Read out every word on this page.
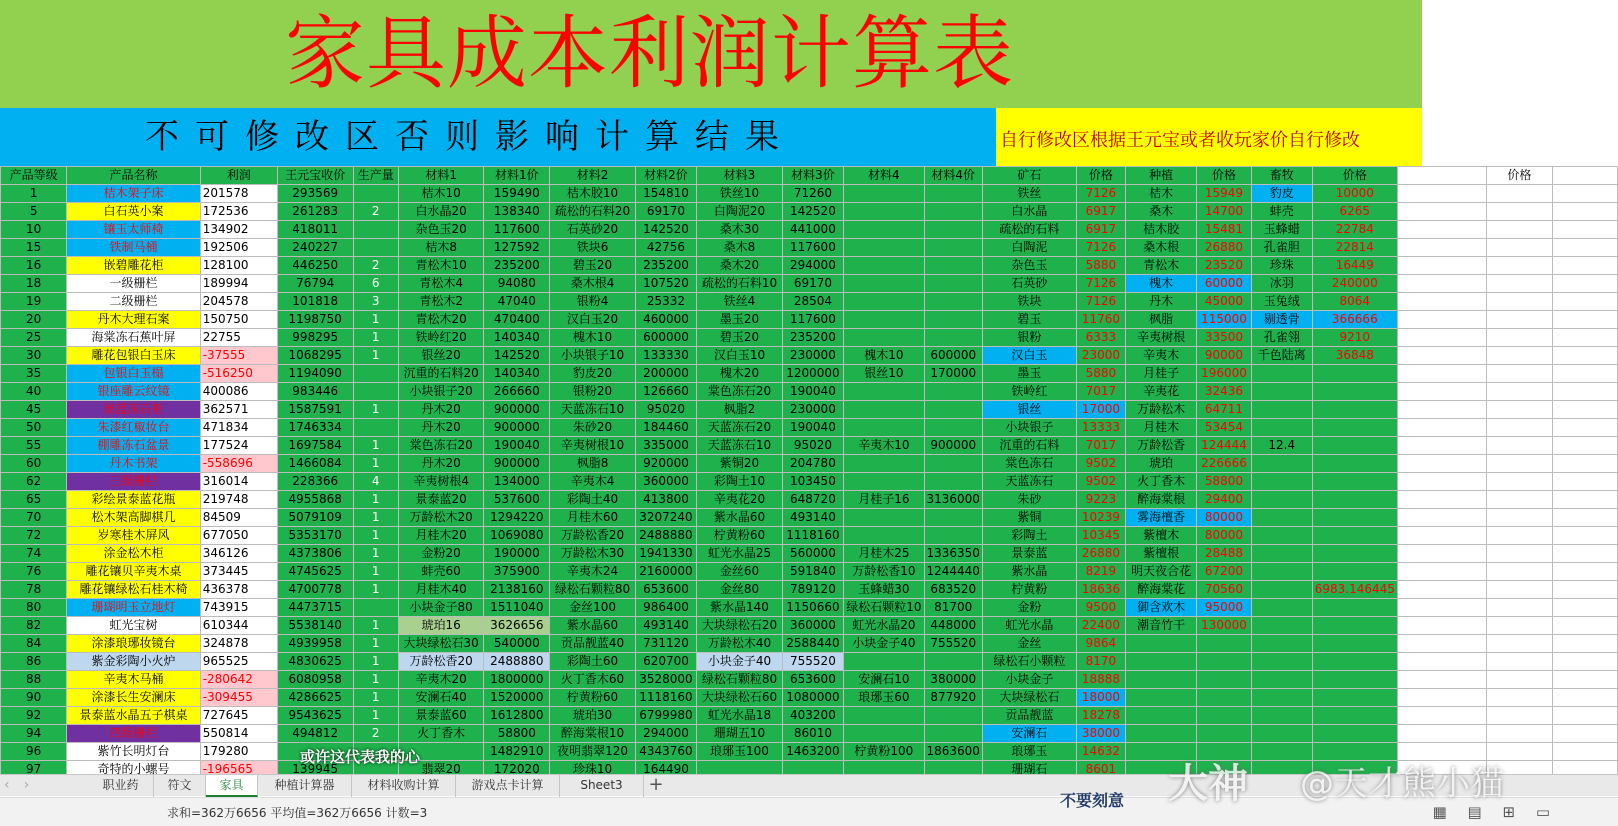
家具成本利润计算表
不可修改区否则影响计算结果	自行修改区根据王元宝或者收玩家价自行修改
产品等级	产品名称	利润	王元宝收价	生产量	材料1	材料1价	材料2	材料2价	材料3	材料3价	材料4	材料4价	矿石	价格	种植	价格	畜牧	价格		价格	
1	桔木架子床	201578	293569		桔木10	159490	桔木胶10	154810	铁丝10	71260			铁丝	7126	桔木	15949	豹皮	10000			
5	白石英小案	172536	261283	2	白水晶20	138340	疏松的石料20	69170	白陶泥20	142520			白水晶	6917	桑木	14700	蚌壳	6265			
10	镶玉太师椅	134902	418011		杂色玉20	117600	石英砂20	142520	桑木30	441000			疏松的石料	6917	桔木胶	15481	玉蜂蜡	22784			
15	铁制马桶	192506	240227		桔木8	127592	铁块6	42756	桑木8	117600			白陶泥	7126	桑木根	26880	孔雀胆	22814			
16	嵌碧雕花柜	128100	446250	2	青松木10	235200	碧玉20	235200	桑木20	294000			杂色玉	5880	青松木	23520	珍珠	16449			
18	一级栅栏	189994	76794	6	青松木4	94080	桑木根4	107520	疏松的石料10	69170			石英砂	7126	槐木	60000	冰羽	240000			
19	二级栅栏	204578	101818	3	青松木2	47040	银粉4	25332	铁丝4	28504			铁块	7126	丹木	45000	玉兔绒	8064			
20	丹木大理石案	150750	1198750	1	青松木20	470400	汉白玉20	460000	墨玉20	117600			碧玉	11760	枫脂	115000	剔透骨	366666			
25	海棠冻石蕉叶屏	22755	998295	1	铁岭红20	140340	槐木10	600000	碧玉20	235200			银粉	6333	辛夷树根	33500	孔雀翎	9210			
30	雕花包银白玉床	-37555	1068295	1	银丝20	142520	小块银子10	133330	汉白玉10	230000	槐木10	600000	汉白玉	23000	辛夷木	90000	千色陆离	36848			
35	包银白玉榻	-516250	1194090		沉重的石料20	140340	豹皮20	200000	槐木20	1200000	银丝10	170000	墨玉	5880	月桂子	196000					
40	银座雕云纹镜	400086	983446		小块银子20	266660	银粉20	126660	棠色冻石20	190040			铁岭红	7017	辛夷花	32436					
45	嵌蓝冻石柜	362571	1587591	1	丹木20	900000	天蓝冻石10	95020	枫脂2	230000			银丝	17000	万龄松木	64711					
50	朱漆红椒妆台	471834	1746334		丹木20	900000	朱砂20	184460	天蓝冻石20	190040			小块银子	13333	月桂木	53454					
55	棚雕冻石盆景	177524	1697584	1	棠色冻石20	190040	辛夷树根10	335000	天蓝冻石10	95020	辛夷木10	900000	沉重的石料	7017	万龄松香	124444	12.4				
60	丹木书架	-558696	1466084	1	丹木20	900000	枫脂8	920000	紫铜20	204780			棠色冻石	9502	琥珀	226666					
62	三级栅栏	316014	228366	4	辛夷树根4	134000	辛夷木4	360000	彩陶土10	103450			天蓝冻石	9502	火丁香木	58800					
65	彩绘景泰蓝花瓶	219748	4955868	1	景泰蓝20	537600	彩陶土40	413800	辛夷花20	648720	月桂子16	3136000	朱砂	9223	醉海棠根	29400					
70	松木架高脚棋几	84509	5079109	1	万龄松木20	1294220	月桂木60	3207240	紫水晶60	493140			紫铜	10239	雾海檀香	80000					
72	岁寒桂木屏风	677050	5353170	1	月桂木20	1069080	万龄松香20	2488880	柠黄粉60	1118160			彩陶土	10345	紫檀木	80000					
74	涂金松木柜	346126	4373806	1	金粉20	190000	万龄松木30	1941330	虹光水晶25	560000	月桂木25	1336350	景泰蓝	26880	紫檀根	28488					
76	雕花镶贝辛夷木桌	373445	4745625	1	蚌壳60	375900	辛夷木24	2160000	金丝60	591840	万龄松香10	1244440	紫水晶	8219	明天夜合花	67200					
78	雕花镶绿松石桂木椅	436378	4700778	1	月桂木40	2138160	绿松石颗粒80	653600	金丝80	789120	玉蜂蜡30	683520	柠黄粉	18636	醉海棠花	70560		6983.146445			
80	珊瑚明玉立地灯	743915	4473715		小块金子80	1511040	金丝100	986400	紫水晶140	1150660	绿松石颗粒10	81700	金粉	9500	御含欢木	95000					
82	虹光宝树	610344	5538140	1	琥珀16	3626656	紫水晶60	493140	大块绿松石20	360000	虹光水晶20	448000	虹光水晶	22400	潮音竹干	130000					
84	涂漆琅琊妆镜台	324878	4939958	1	大块绿松石30	540000	贡品靓蓝40	731120	万龄松木40	2588440	小块金子40	755520	金丝	9864							
86	紫金彩陶小火炉	965525	4830625	1	万龄松香20	2488880	彩陶土60	620700	小块金子40	755520			绿松石小颗粒	8170							
88	辛夷木马桶	-280642	6080958	1	辛夷木20	1800000	火丁香木60	3528000	绿松石颗粒80	653600	安澜石10	380000	小块金子	18888							
90	涂漆长生安澜床	-309455	4286625	1	安澜石40	1520000	柠黄粉60	1118160	大块绿松石60	1080000	琅琊玉60	877920	大块绿松石	18000							
92	景泰蓝水晶五子棋桌	727645	9543625	1	景泰蓝60	1612800	琥珀30	6799980	虹光水晶18	403200			贡品靓蓝	18278							
94	四级栅栏	550814	494812	2	火丁香木	58800	醉海棠根10	294000	珊瑚五10	86010			安澜石	38000							
96	紫竹长明灯台	179280				1482910	夜明翡翠120	4343760	琅琊玉100	1463200	柠黄粉100	1863600	琅琊玉	14632							
97	奇特的小螺号	-196565	139945		翡翠20	172020	珍珠10	164490					珊瑚石	8601							
或许这代表我的心
‹›	职业药	符文	家具	种植计算器	材料收购计算	游戏点卡计算	Sheet3	+
求和=362万6656 平均值=362万6656 计数=3	▦ ▤ ⊞ ▭
不要刻意 大神 @天才熊小猫
